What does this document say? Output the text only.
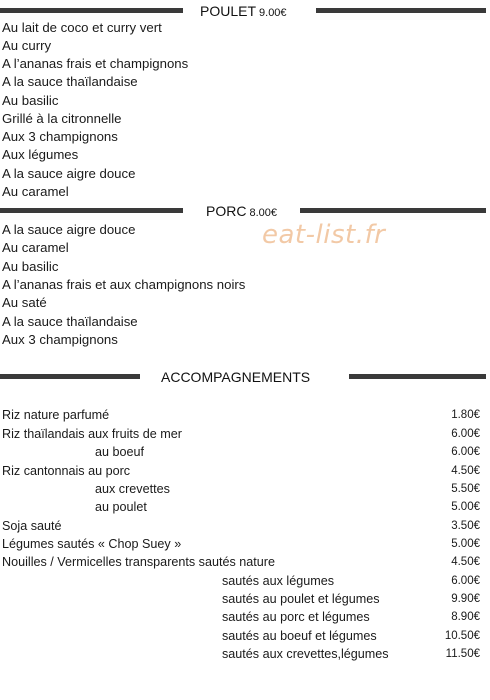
POULET 9.00€
Au lait de coco et curry vert
Au curry
A l’ananas frais et champignons
A la sauce thaïlandaise
Au basilic
Grillé à la citronnelle
Aux 3 champignons
Aux légumes
A la sauce aigre douce
Au caramel
PORC 8.00€
A la sauce aigre douce
Au caramel
Au basilic
A l’ananas frais et aux champignons noirs
Au saté
A la sauce thaïlandaise
Aux 3 champignons
eat-list.fr
ACCOMPAGNEMENTS
Riz nature parfumé	1.80€
Riz thaïlandais aux fruits de mer	6.00€
au boeuf	6.00€
Riz cantonnais au porc	4.50€
aux crevettes	5.50€
au poulet	5.00€
Soja sauté	3.50€
Légumes sautés « Chop Suey »	5.00€
Nouilles / Vermicelles transparents sautés nature	4.50€
sautés aux légumes	6.00€
sautés au poulet et légumes	9.90€
sautés au porc et légumes	8.90€
sautés au boeuf et légumes	10.50€
sautés aux crevettes,légumes	11.50€
